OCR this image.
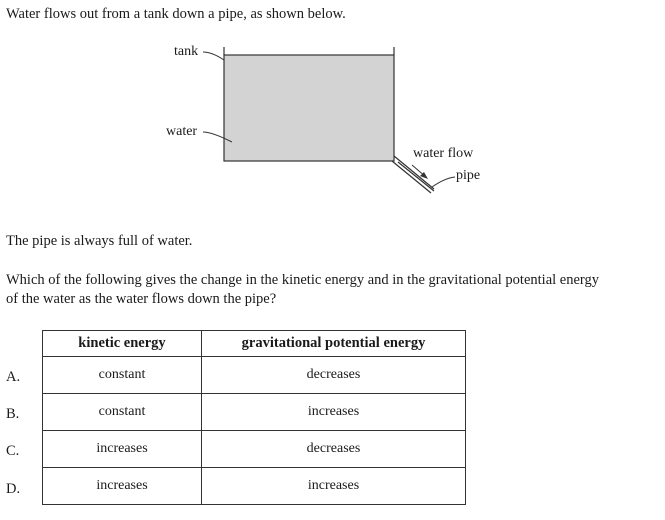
Water flows out from a tank down a pipe, as shown below.
tank
water
water flow
pipe
The pipe is always full of water.
Which of the following gives the change in the kinetic energy and in the gravitational potential energy
of the water as the water flows down the pipe?
A.
B.
C.
D.
kinetic energy	gravitational potential energy
constant	decreases
constant	increases
increases	decreases
increases	increases
